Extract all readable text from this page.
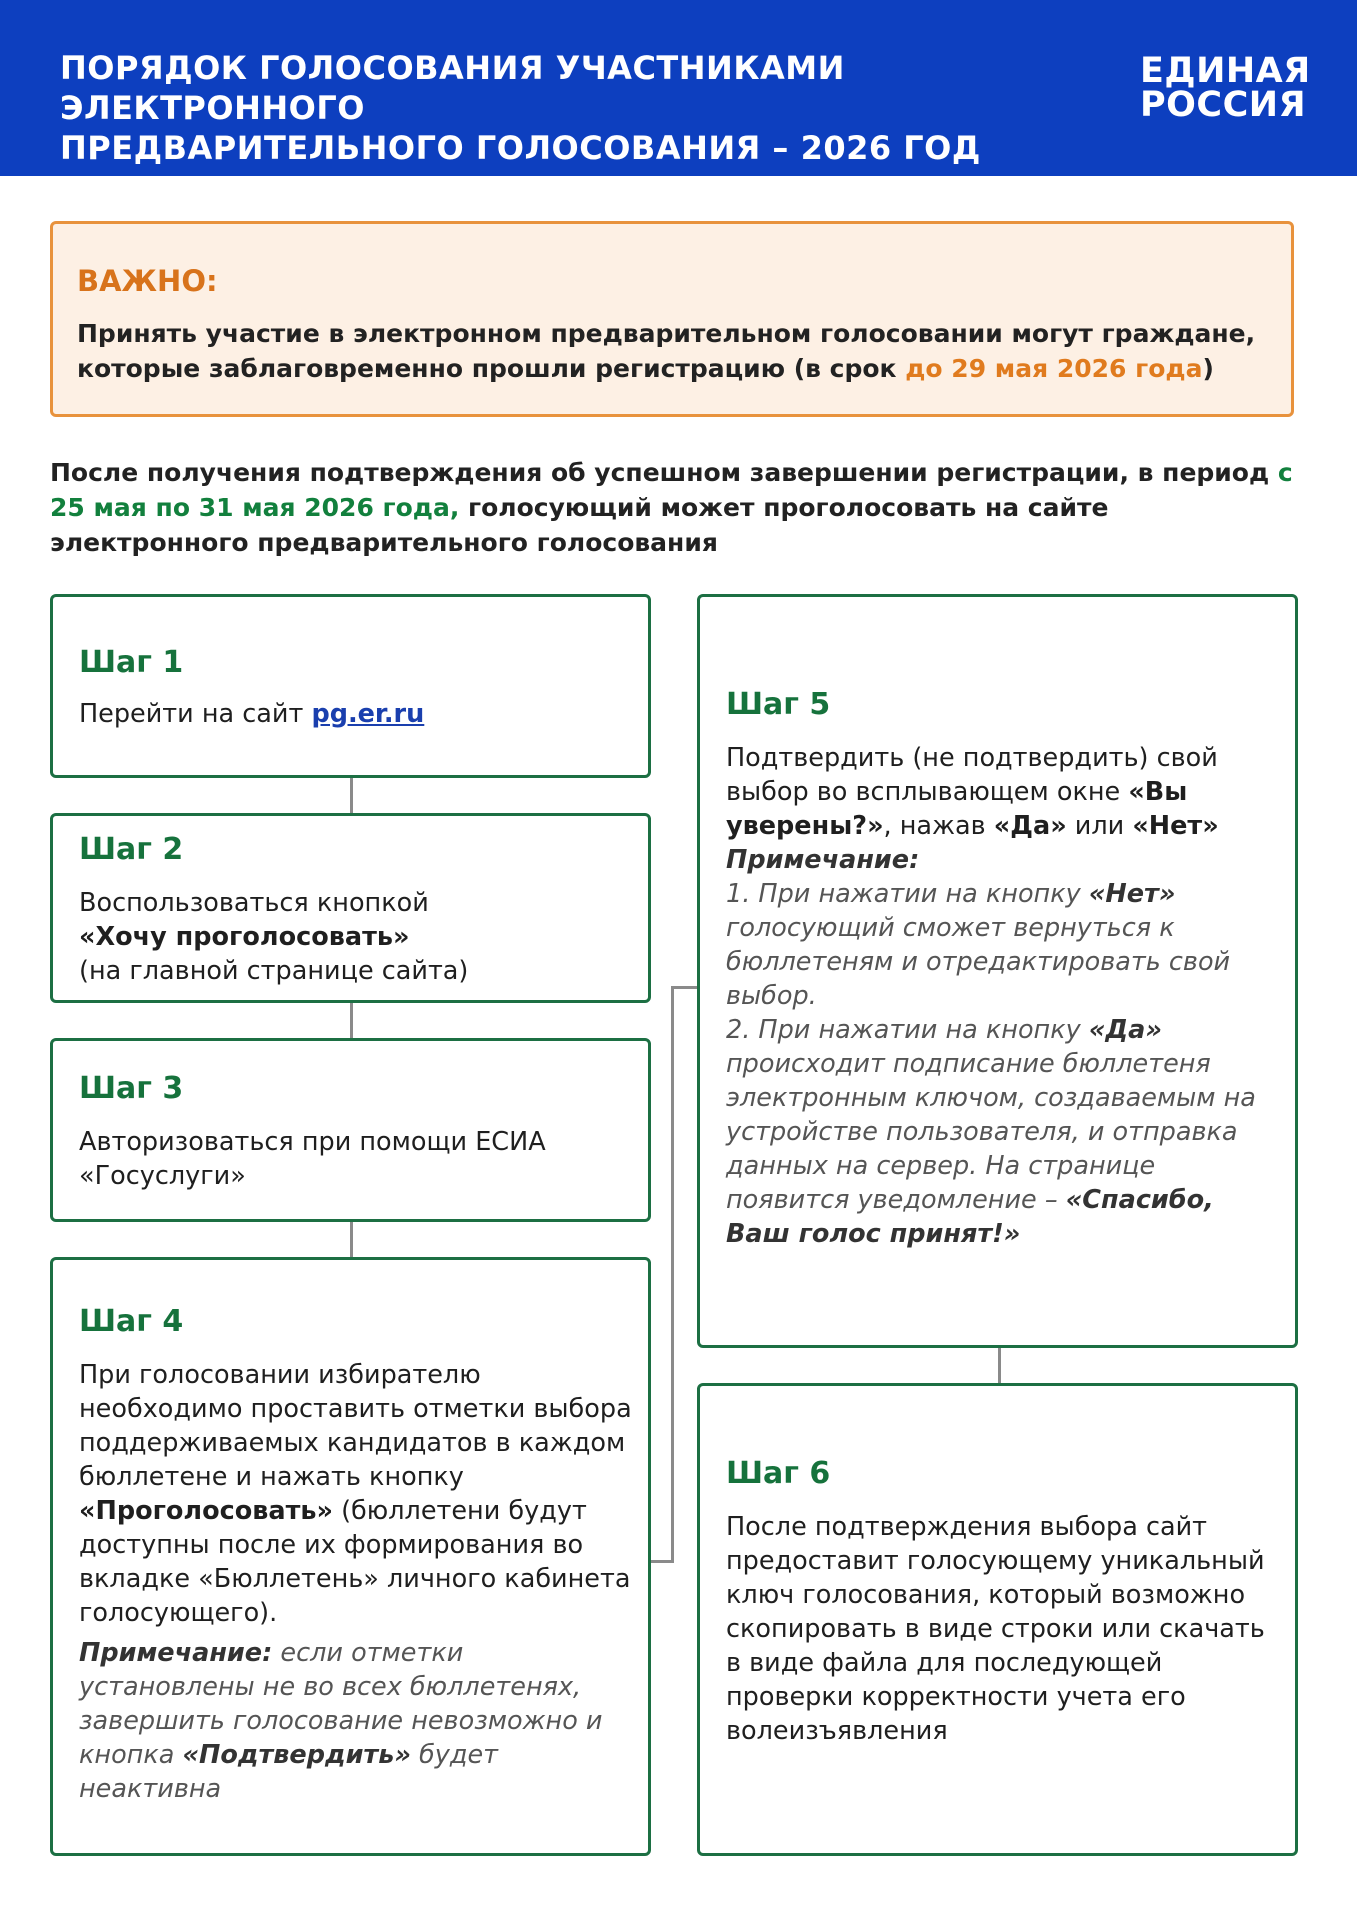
ПОРЯДОК ГОЛОСОВАНИЯ УЧАСТНИКАМИ ЭЛЕКТРОННОГО
ПРЕДВАРИТЕЛЬНОГО ГОЛОСОВАНИЯ – 2026 ГОД
ЕДИНАЯ
РОССИЯ
ВАЖНО:
Принять участие в электронном предварительном голосовании могут граждане, которые заблаговременно прошли регистрацию (в срок до 29 мая 2026 года)
После получения подтверждения об успешном завершении регистрации, в период с 25 мая по 31 мая 2026 года, голосующий может проголосовать на сайте электронного предварительного голосования
Шаг 1
Перейти на сайт pg.er.ru
Шаг 2
Воспользоваться кнопкой
«Хочу проголосовать»
(на главной странице сайта)
Шаг 3
Авторизоваться при помощи ЕСИА «Госуслуги»
Шаг 4
При голосовании избирателю необходимо проставить отметки выбора поддерживаемых кандидатов в каждом бюллетене и нажать кнопку «Проголосовать» (бюллетени будут доступны после их формирования во вкладке «Бюллетень» личного кабинета голосующего).
Примечание: если отметки установлены не во всех бюллетенях, завершить голосование невозможно и кнопка «Подтвердить» будет неактивна
Шаг 5
Подтвердить (не подтвердить) свой выбор во всплывающем окне «Вы уверены?», нажав «Да» или «Нет»
Примечание:
1. При нажатии на кнопку «Нет» голосующий сможет вернуться к бюллетеням и отредактировать свой выбор.
2. При нажатии на кнопку «Да» происходит подписание бюллетеня электронным ключом, создаваемым на устройстве пользователя, и отправка данных на сервер. На странице появится уведомление – «Спасибо, Ваш голос принят!»
Шаг 6
После подтверждения выбора сайт предоставит голосующему уникальный ключ голосования, который возможно скопировать в виде строки или скачать в виде файла для последующей проверки корректности учета его волеизъявления
